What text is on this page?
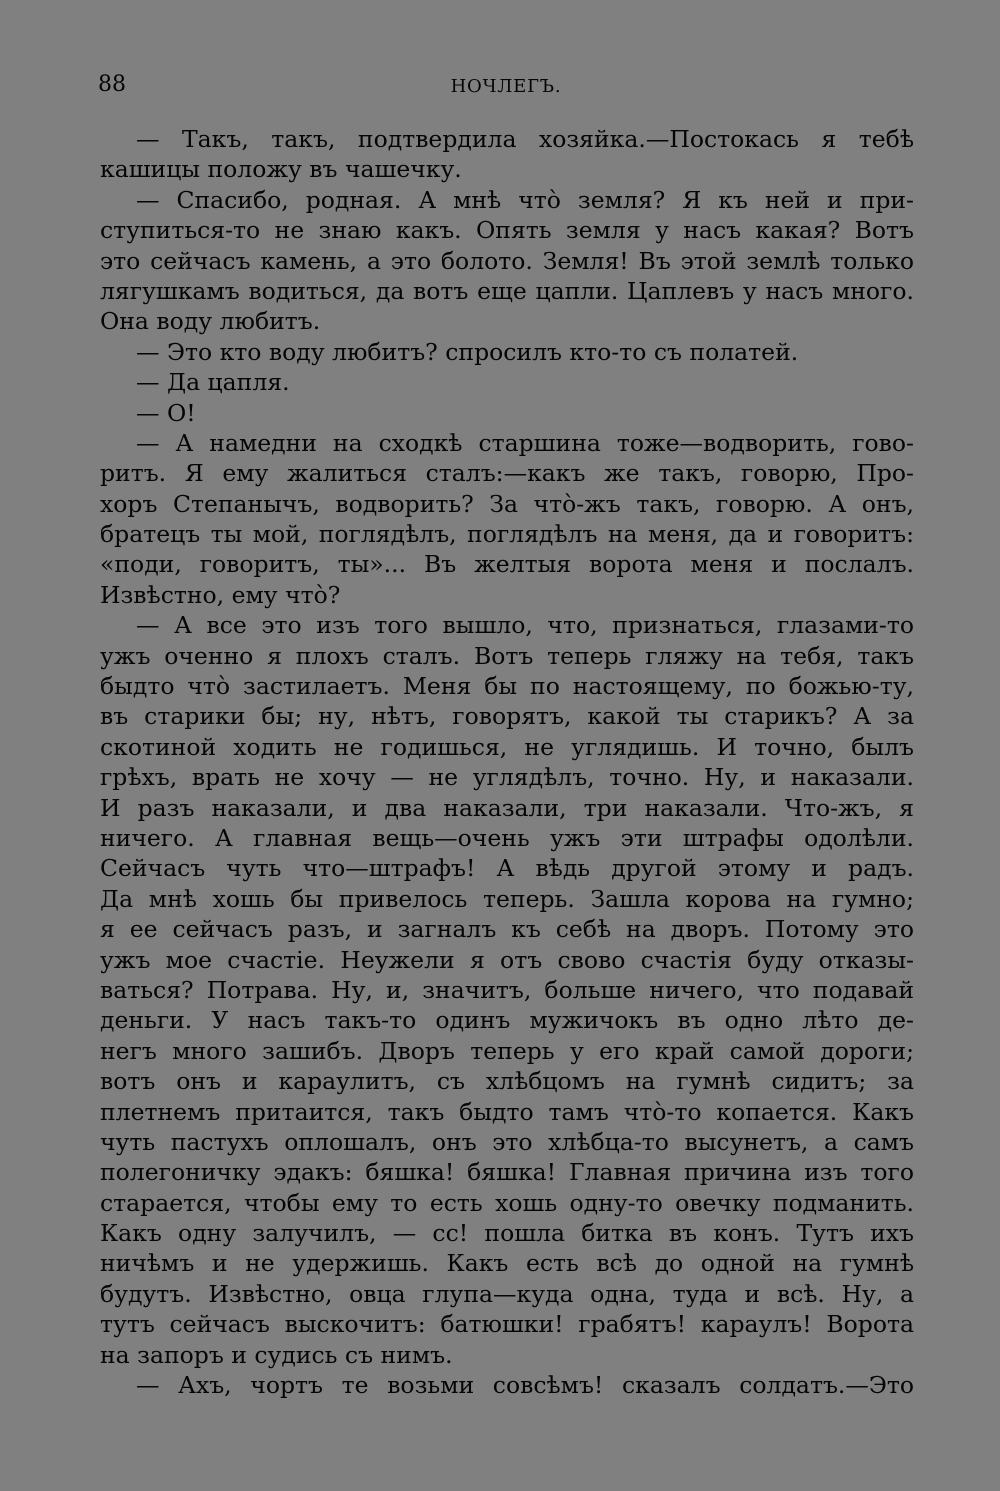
88	НОЧЛЕГЪ.
— Такъ, такъ, подтвердила хозяйка.—Постокась я тебѣ
кашицы положу въ чашечку.
— Спасибо, родная. А мнѣ что̀ земля? Я къ ней и при-
ступиться-то не знаю какъ. Опять земля у насъ какая? Вотъ
это сейчасъ камень, а это болото. Земля! Въ этой землѣ только
лягушкамъ водиться, да вотъ еще цапли. Цаплевъ у насъ много.
Она воду любитъ.
— Это кто воду любитъ? спросилъ кто-то съ полатей.
— Да цапля.
— О!
— А намедни на сходкѣ старшина тоже—водворить, гово-
ритъ. Я ему жалиться сталъ:—какъ же такъ, говорю, Про-
хоръ Степанычъ, водворить? За что̀-жъ такъ, говорю. А онъ,
братецъ ты мой, поглядѣлъ, поглядѣлъ на меня, да и говоритъ:
«поди, говоритъ, ты»... Въ желтыя ворота меня и послалъ.
Извѣстно, ему что̀?
— А все это изъ того вышло, что, признаться, глазами-то
ужъ оченно я плохъ сталъ. Вотъ теперь гляжу на тебя, такъ
быдто что̀ застилаетъ. Меня бы по настоящему, по божью-ту,
въ старики бы; ну, нѣтъ, говорятъ, какой ты старикъ? А за
скотиной ходить не годишься, не углядишь. И точно, былъ
грѣхъ, врать не хочу — не углядѣлъ, точно. Ну, и наказали.
И разъ наказали, и два наказали, три наказали. Что-жъ, я
ничего. А главная вещь—очень ужъ эти штрафы одолѣли.
Сейчасъ чуть что—штрафъ! А вѣдь другой этому и радъ.
Да мнѣ хошь бы привелось теперь. Зашла корова на гумно;
я ее сейчасъ разъ, и загналъ къ себѣ на дворъ. Потому это
ужъ мое счастіе. Неужели я отъ свово счастія буду отказы-
ваться? Потрава. Ну, и, значитъ, больше ничего, что подавай
деньги. У насъ такъ-то одинъ мужичокъ въ одно лѣто де-
негъ много зашибъ. Дворъ теперь у его край самой дороги;
вотъ онъ и караулитъ, съ хлѣбцомъ на гумнѣ сидитъ; за
плетнемъ притаится, такъ быдто тамъ что̀-то копается. Какъ
чуть пастухъ оплошалъ, онъ это хлѣбца-то высунетъ, а самъ
полегоничку эдакъ: бяшка! бяшка! Главная причина изъ того
старается, чтобы ему то есть хошь одну-то овечку подманить.
Какъ одну залучилъ, — сс! пошла битка въ конъ. Тутъ ихъ
ничѣмъ и не удержишь. Какъ есть всѣ до одной на гумнѣ
будутъ. Извѣстно, овца глупа—куда одна, туда и всѣ. Ну, а
тутъ сейчасъ выскочитъ: батюшки! грабятъ! караулъ! Ворота
на запоръ и судись съ нимъ.
— Ахъ, чортъ те возьми совсѣмъ! сказалъ солдатъ.—Это
